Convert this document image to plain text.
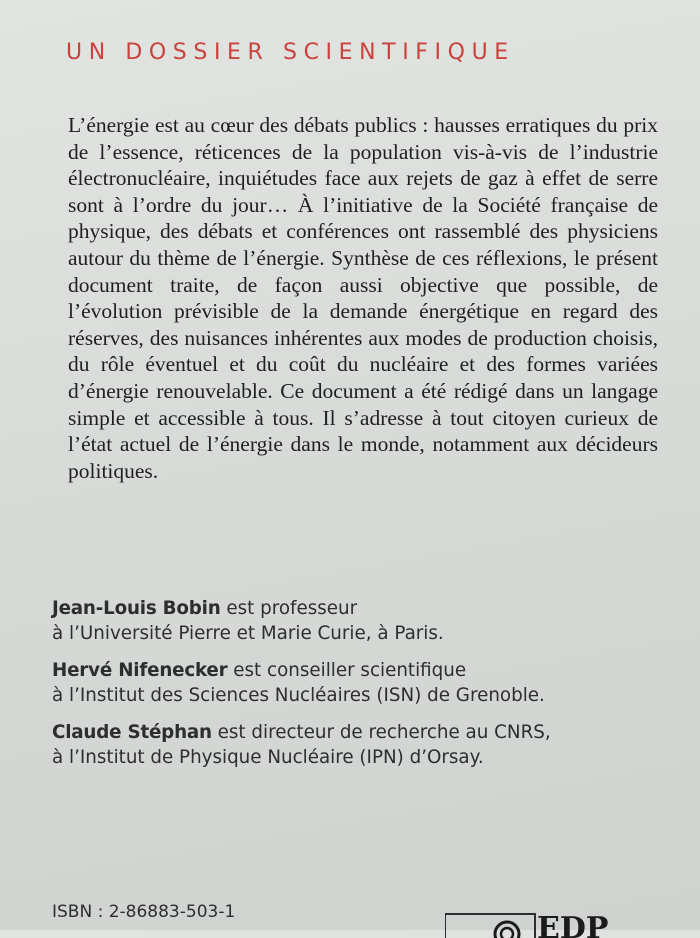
UN DOSSIER SCIENTIFIQUE

L’énergie est au cœur des débats publics : hausses erratiques du prix de l’essence, réticences de la population vis-à-vis de l’industrie électronucléaire, inquiétudes face aux rejets de gaz à effet de serre sont à l’ordre du jour… À l’initiative de la Société française de physique, des débats et conférences ont rassemblé des physiciens autour du thème de l’énergie. Synthèse de ces réflexions, le présent document traite, de façon aussi objective que possible, de l’évolution prévisible de la demande énergétique en regard des réserves, des nuisances inhérentes aux modes de production choisis, du rôle éventuel et du coût du nucléaire et des formes variées d’énergie renouvelable. Ce document a été rédigé dans un langage simple et accessible à tous. Il s’adresse à tout citoyen curieux de l’état actuel de l’énergie dans le monde, notamment aux décideurs politiques.

Jean-Louis Bobin est professeur
à l’Université Pierre et Marie Curie, à Paris.
Hervé Nifenecker est conseiller scientifique
à l’Institut des Sciences Nucléaires (ISN) de Grenoble.
Claude Stéphan est directeur de recherche au CNRS,
à l’Institut de Physique Nucléaire (IPN) d’Orsay.
ISBN : 2-86883-503-1	EDP
